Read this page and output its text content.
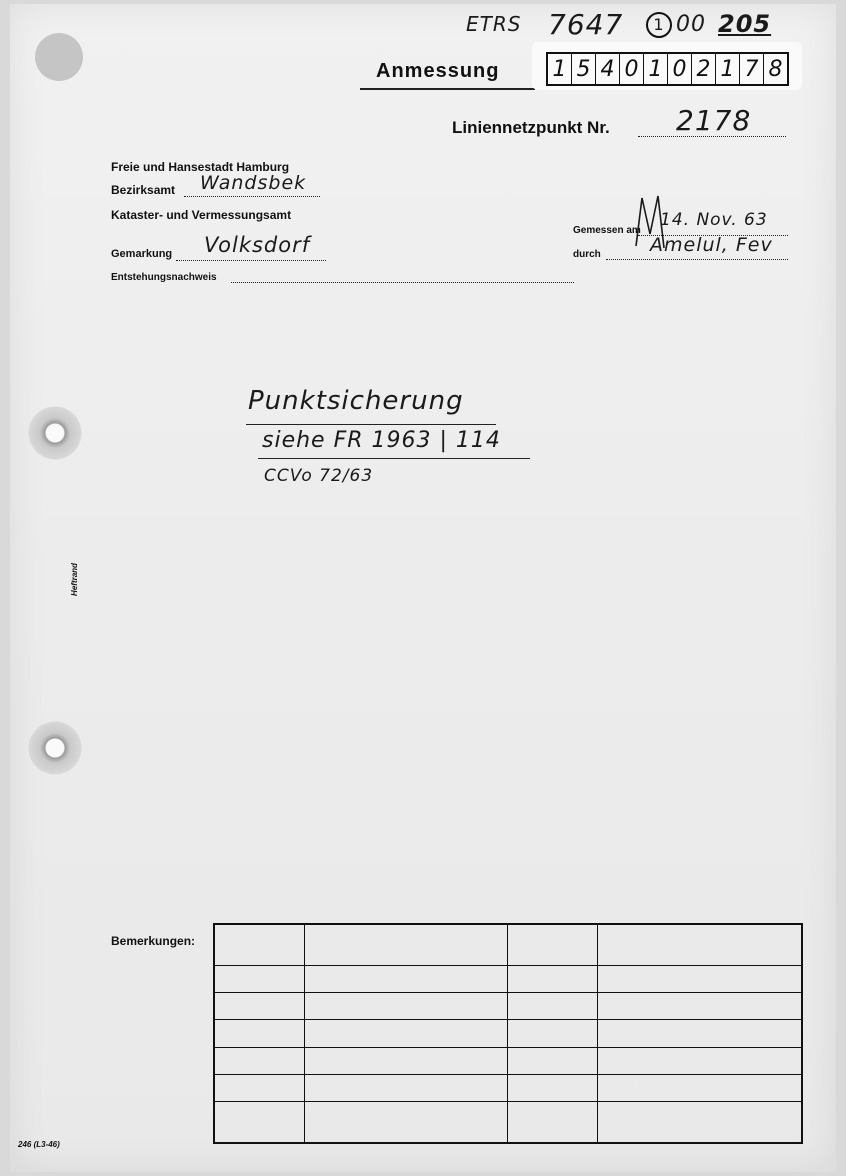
ETRS 7647	1 00 205
Anmessung 1 5 4 0 1 0 2 1 7 8
Liniennetzpunkt Nr. 2178
Freie und Hansestadt Hamburg
Bezirksamt Wandsbek
Kataster- und Vermessungsamt
Gemarkung Volksdorf
Entstehungsnachweis
Gemessen am
14. Nov. 63
durch	Amelul, Fev
Punktsicherung
siehe FR 1963 | 114
CCVo 72/63
Heftrand
Bemerkungen:

246 (L3-46)
